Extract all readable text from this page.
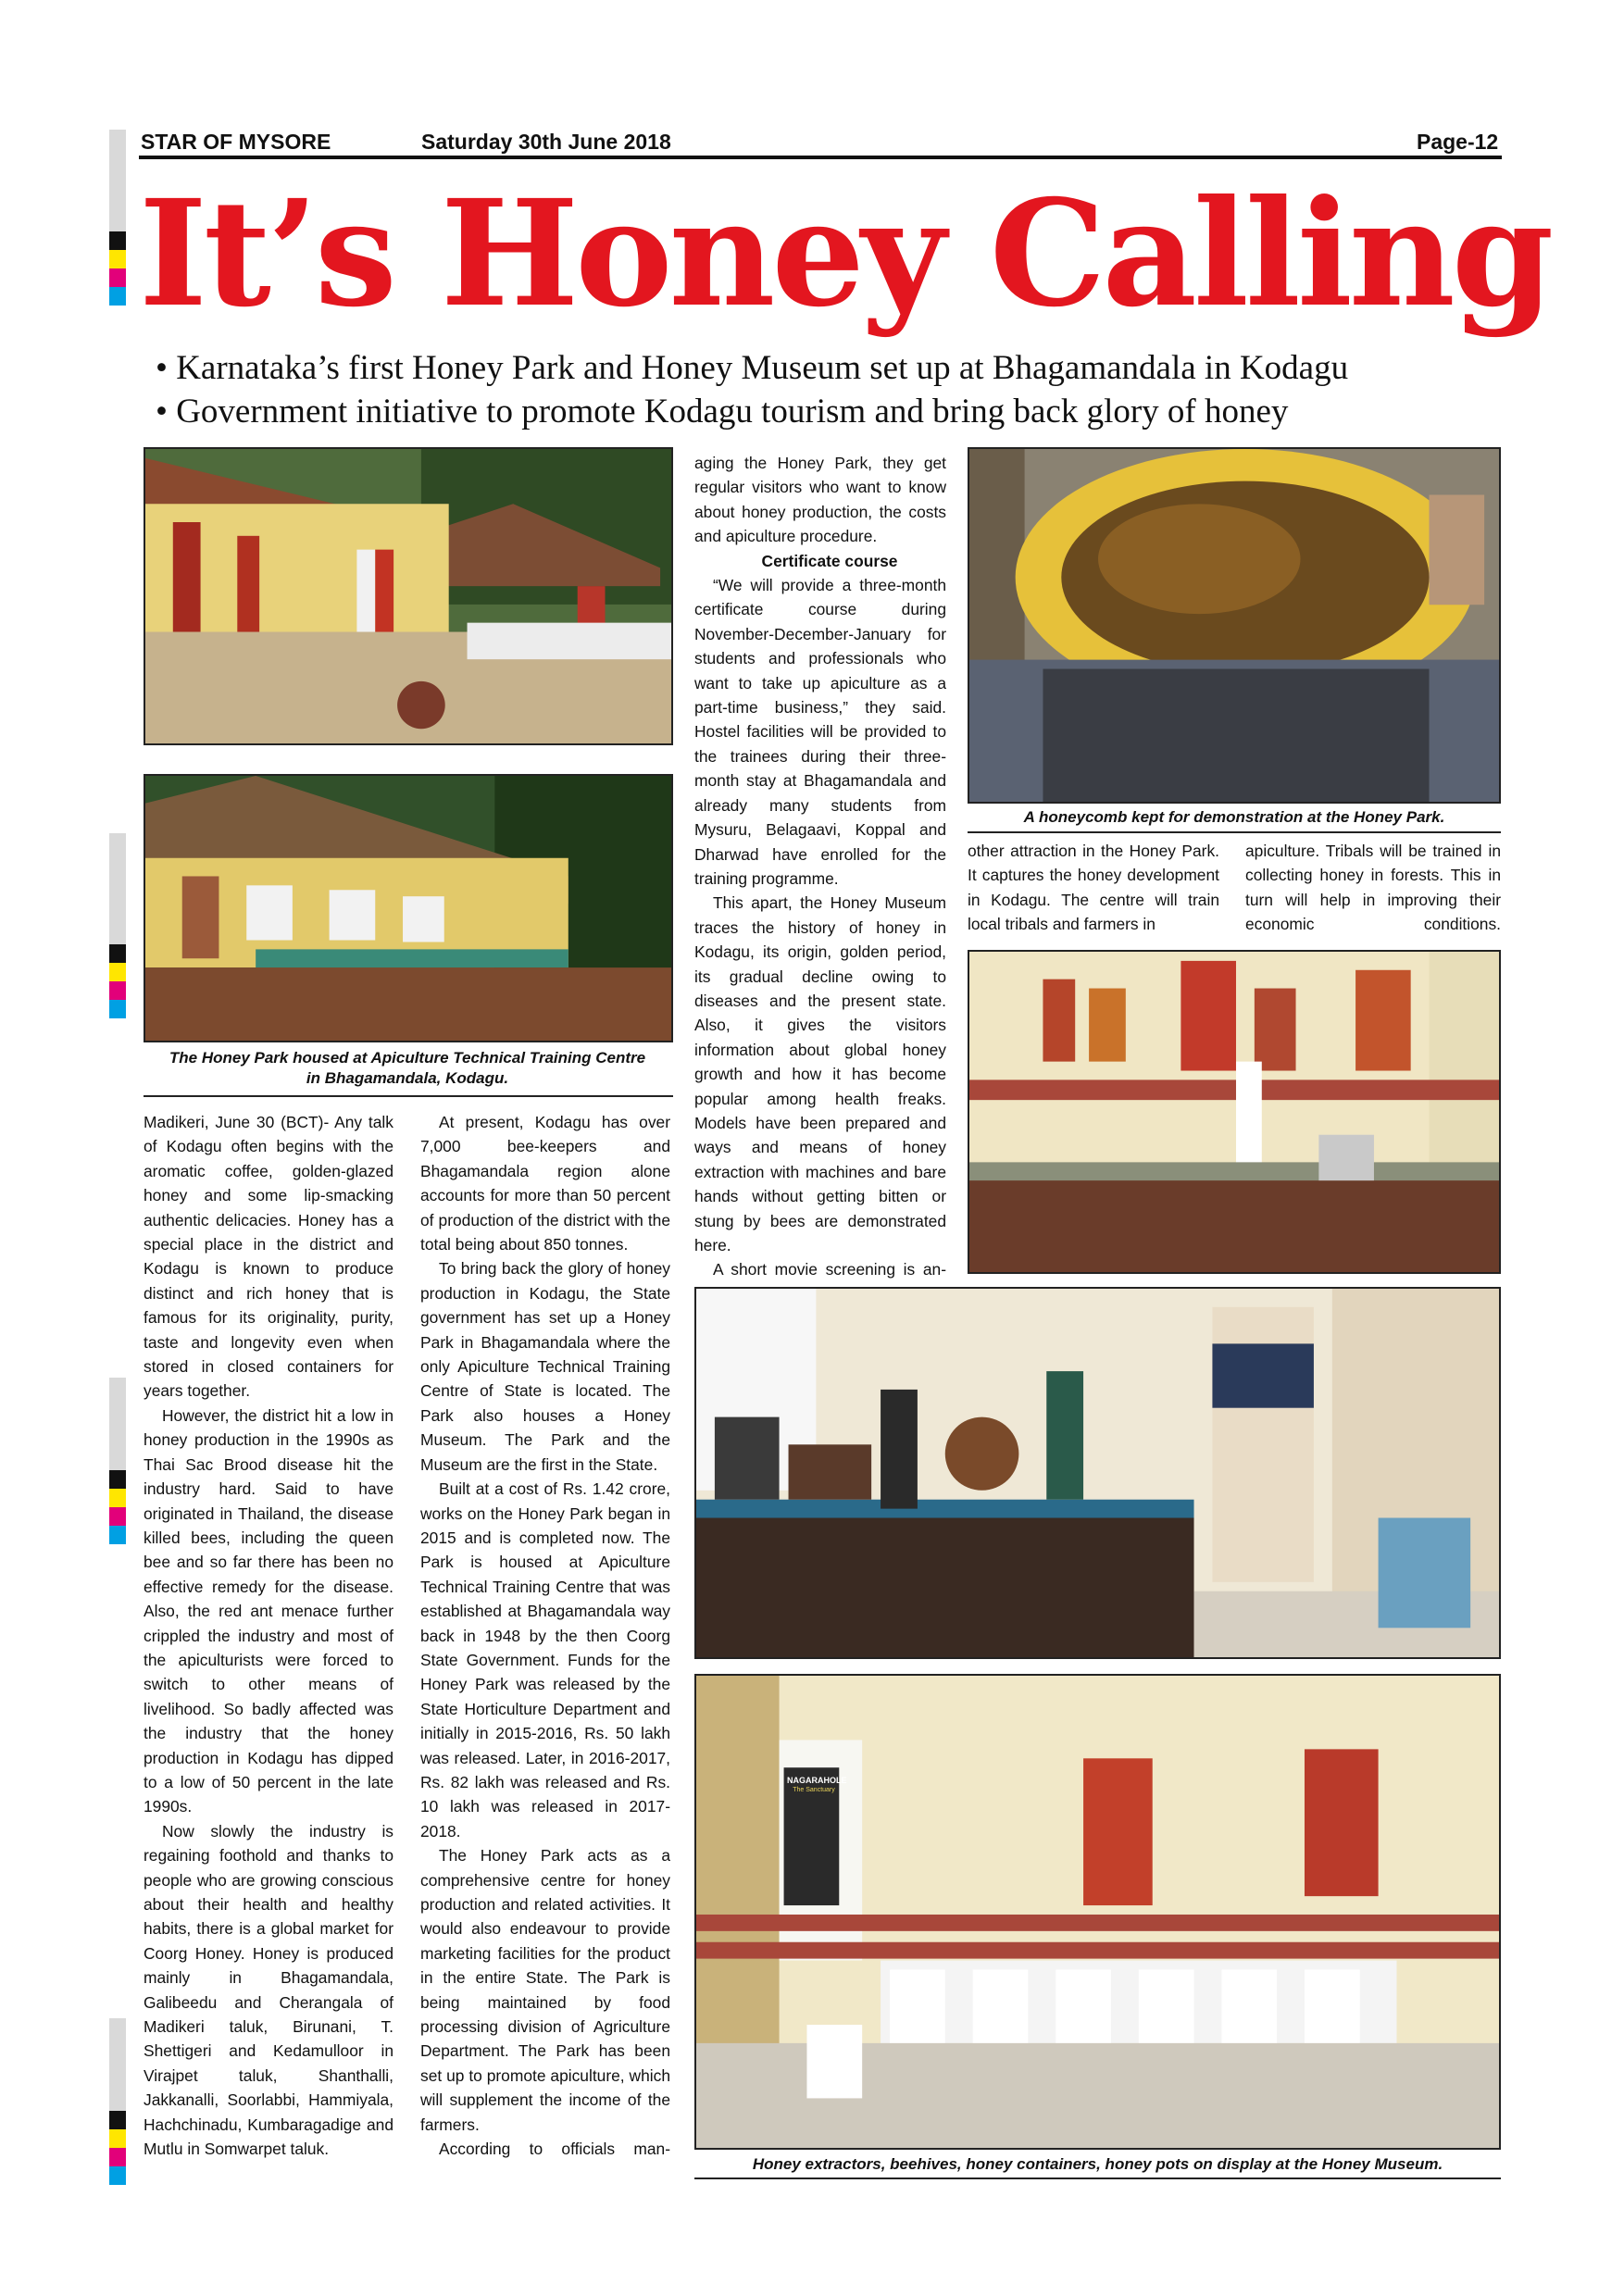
STAR OF MYSORE	Saturday 30th June 2018	Page-12
It’s Honey Calling
• Karnataka’s first Honey Park and Honey Museum set up at Bhagamandala in Kodagu
• Government initiative to promote Kodagu tourism and bring back glory of honey
The Honey Park housed at Apiculture Technical Training Centre in Bhagamandala, Kodagu.
A honeycomb kept for demonstration at the Honey Park.
NAGARAHOLE
The Sanctuary
Honey extractors, beehives, honey containers, honey pots on display at the Honey Museum.

Madikeri, June 30 (BCT)- Any talk of Kodagu often begins with the aromatic coffee, golden-glazed honey and some lip-smacking authentic delicacies. Honey has a special place in the district and Kodagu is known to produce distinct and rich honey that is famous for its originality, purity, taste and longevity even when stored in closed containers for years together.

However, the district hit a low in honey production in the 1990s as Thai Sac Brood disease hit the industry hard. Said to have originated in Thailand, the disease killed bees, including the queen bee and so far there has been no effective remedy for the disease. Also, the red ant menace further crippled the industry and most of the apiculturists were forced to switch to other means of livelihood. So badly affected was the industry that the honey production in Kodagu has dipped to a low of 50 percent in the late 1990s.

Now slowly the industry is regaining foothold and thanks to people who are growing conscious about their health and healthy habits, there is a global market for Coorg Honey. Honey is produced mainly in Bhagamandala, Galibeedu and Cherangala of Madikeri taluk, Birunani, T. Shettigeri and Kedamulloor in Virajpet taluk, Shanthalli, Jakkanalli, Soorlabbi, Hammiyala, Hachchinadu, Kumbaragadige and Mutlu in Somwarpet taluk.

At present, Kodagu has over 7,000 bee-keepers and Bhagamandala region alone accounts for more than 50 percent of production of the district with the total being about 850 tonnes.

To bring back the glory of honey production in Kodagu, the State government has set up a Honey Park in Bhagamandala where the only Apiculture Technical Training Centre of State is located. The Park also houses a Honey Museum. The Park and the Museum are the first in the State.

Built at a cost of Rs. 1.42 crore, works on the Honey Park began in 2015 and is completed now. The Park is housed at Apiculture Technical Training Centre that was established at Bhagamandala way back in 1948 by the then Coorg State Government. Funds for the Honey Park was released by the State Horticulture Department and initially in 2015-2016, Rs. 50 lakh was released. Later, in 2016-2017, Rs. 82 lakh was released and Rs. 10 lakh was released in 2017-2018.

The Honey Park acts as a comprehensive centre for honey production and related activities. It would also endeavour to provide marketing facilities for the product in the entire State. The Park is being maintained by food processing division of Agriculture Department. The Park has been set up to promote apiculture, which will supplement the income of the farmers.

According to officials man-

aging the Honey Park, they get regular visitors who want to know about honey production, the costs and apiculture procedure.

Certificate course

“We will provide a three-month certificate course during November-December-January for students and professionals who want to take up apiculture as a part-time business,” they said. Hostel facilities will be provided to the trainees during their three-month stay at Bhagamandala and already many students from Mysuru, Belagaavi, Koppal and Dharwad have enrolled for the training programme.

This apart, the Honey Museum traces the history of honey in Kodagu, its origin, golden period, its gradual decline owing to diseases and the present state. Also, it gives the visitors information about global honey growth and how it has become popular among health freaks. Models have been prepared and ways and means of honey extraction with machines and bare hands without getting bitten or stung by bees are demonstrated here.

A short movie screening is an-

other attraction in the Honey Park. It captures the honey development in Kodagu. The centre will train local tribals and farmers in

apiculture. Tribals will be trained in collecting honey in forests. This in turn will help in improving their economic conditions.
